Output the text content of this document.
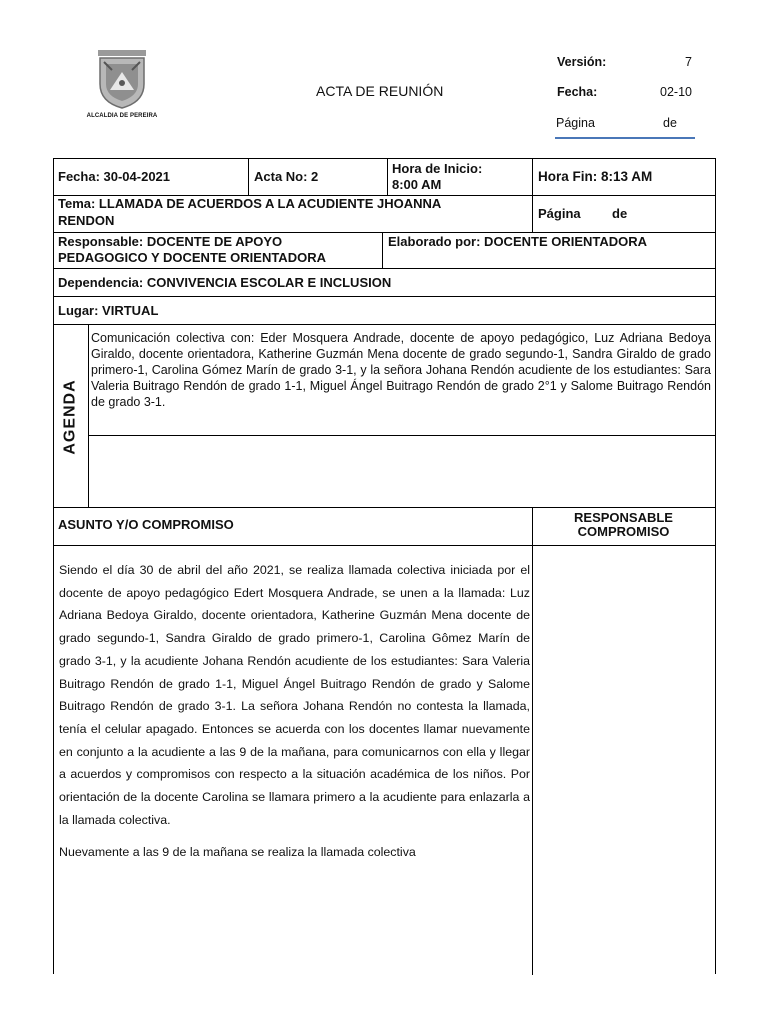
ALCALDIA DE PEREIRA
ACTA DE REUNIÓN
Versión:	7
Fecha:	02-10
Página	de
Fecha: 30-04-2021	Acta No: 2
Hora de Inicio:
8:00 AM
Hora Fin: 8:13 AM
Tema: LLAMADA DE ACUERDOS A LA ACUDIENTE JHOANNA
RENDON	Página de
Responsable: DOCENTE DE APOYO
PEDAGOGICO Y DOCENTE ORIENTADORA
Elaborado por: DOCENTE ORIENTADORA
Dependencia: CONVIVENCIA ESCOLAR E INCLUSION
Lugar: VIRTUAL
AGENDA
Comunicación colectiva con: Eder Mosquera Andrade, docente de apoyo pedagógico, Luz Adriana Bedoya Giraldo, docente orientadora, Katherine Guzmán Mena docente de grado segundo-1, Sandra Giraldo de grado primero-1, Carolina Gómez Marín de grado 3-1, y la señora Johana Rendón acudiente de los estudiantes: Sara Valeria Buitrago Rendón de grado 1-1, Miguel Ángel Buitrago Rendón de grado 2°1 y Salome Buitrago Rendón de grado 3-1.
ASUNTO Y/O COMPROMISO	RESPONSABLE
COMPROMISO

Siendo el día 30 de abril del año 2021, se realiza llamada colectiva iniciada por el docente de apoyo pedagógico Edert Mosquera Andrade, se unen a la llamada: Luz Adriana Bedoya Giraldo, docente orientadora, Katherine Guzmán Mena docente de grado segundo-1, Sandra Giraldo de grado primero-1, Carolina Gômez Marín de grado 3-1, y la acudiente Johana Rendón acudiente de los estudiantes: Sara Valeria Buitrago Rendón de grado 1-1, Miguel Ángel Buitrago Rendón de grado y Salome Buitrago Rendón de grado 3-1. La señora Johana Rendón no contesta la llamada, tenía el celular apagado. Entonces se acuerda con los docentes llamar nuevamente en conjunto a la acudiente a las 9 de la mañana, para comunicarnos con ella y llegar a acuerdos y compromisos con respecto a la situación académica de los niños. Por orientación de la docente Carolina se llamara primero a la acudiente para enlazarla a la llamada colectiva.

Nuevamente a las 9 de la mañana se realiza la llamada colectiva
